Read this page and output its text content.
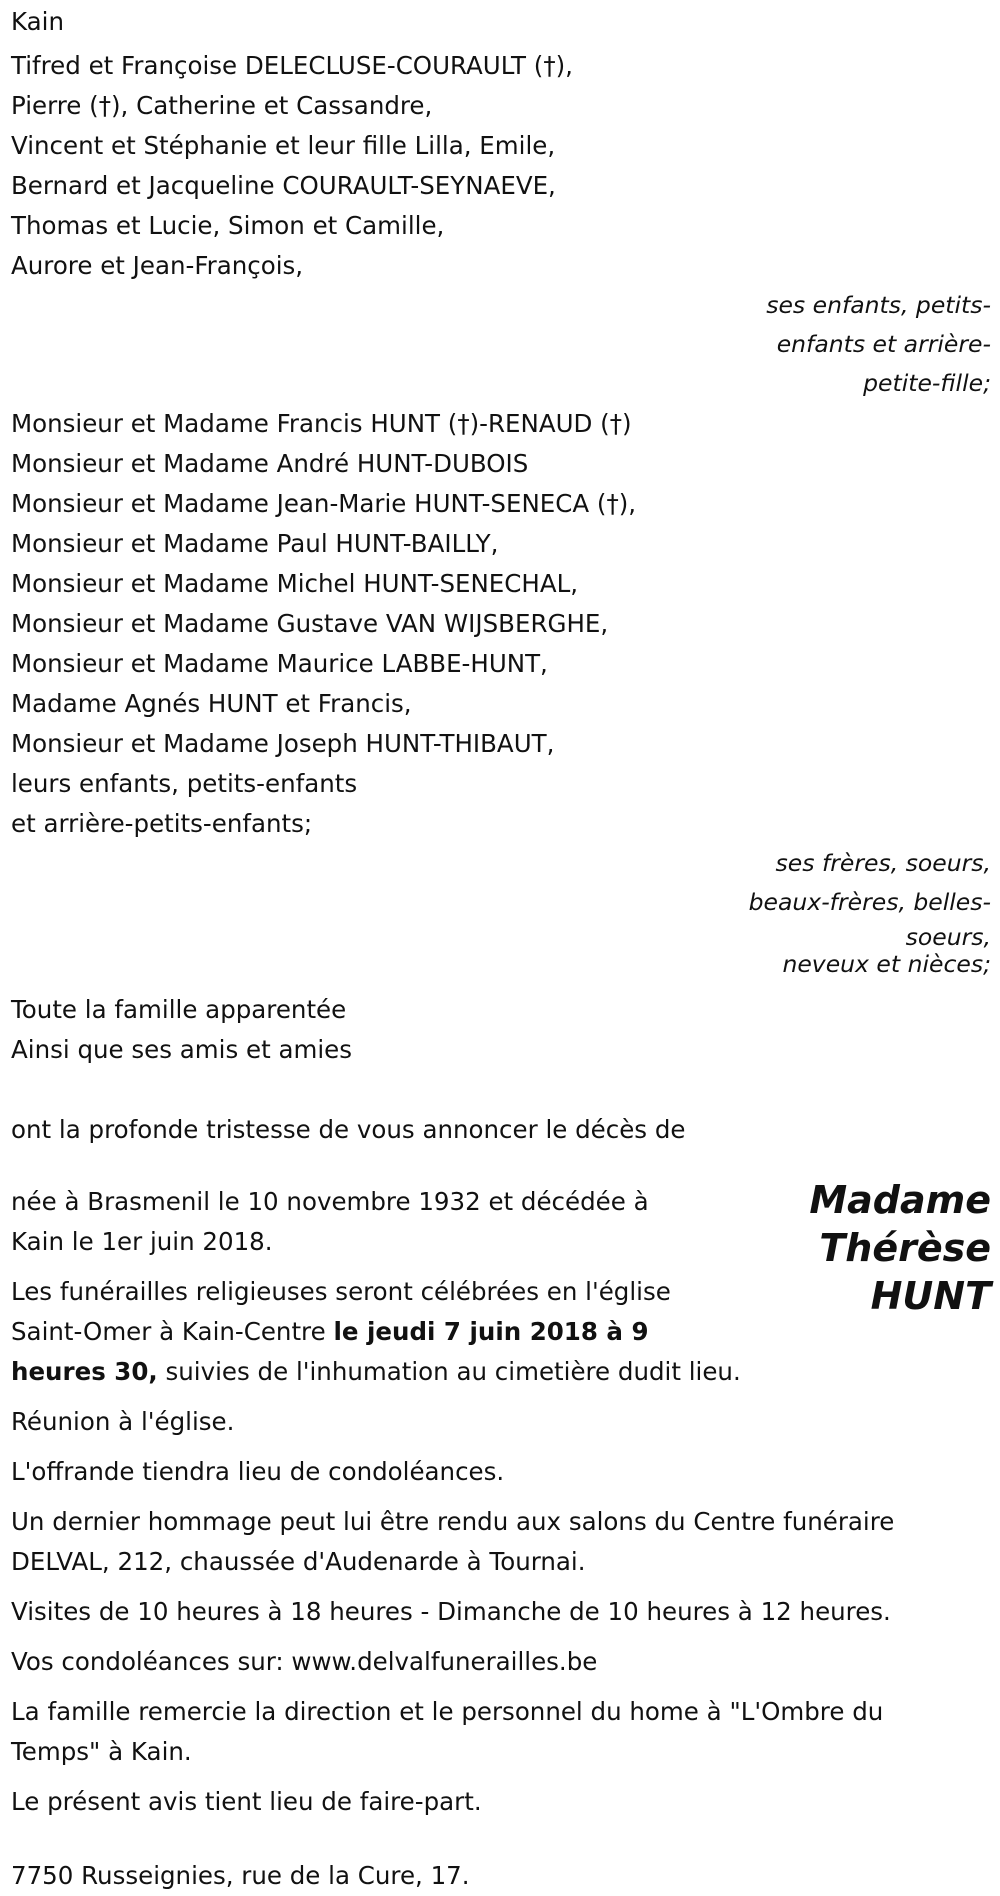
Kain

Tifred et Françoise DELECLUSE-COURAULT (†),

Pierre (†), Catherine et Cassandre,

Vincent et Stéphanie et leur fille Lilla, Emile,

Bernard et Jacqueline COURAULT-SEYNAEVE,

Thomas et Lucie, Simon et Camille,

Aurore et Jean-François,

ses enfants, petits-
enfants et arrière-
petite-fille;

Monsieur et Madame Francis HUNT (†)-RENAUD (†)

Monsieur et Madame André HUNT-DUBOIS

Monsieur et Madame Jean-Marie HUNT-SENECA (†),

Monsieur et Madame Paul HUNT-BAILLY,

Monsieur et Madame Michel HUNT-SENECHAL,

Monsieur et Madame Gustave VAN WIJSBERGHE,

Monsieur et Madame Maurice LABBE-HUNT,

Madame Agnés HUNT et Francis,

Monsieur et Madame Joseph HUNT-THIBAUT,

leurs enfants, petits-enfants

et arrière-petits-enfants;

ses frères, soeurs,
beaux-frères, belles-
soeurs,
neveux et nièces;

Toute la famille apparentée

Ainsi que ses amis et amies

ont la profonde tristesse de vous annoncer le décès de

Madame
Thérèse
HUNT
née à Brasmenil le 10 novembre 1932 et décédée à
Kain le 1er juin 2018.
Les funérailles religieuses seront célébrées en l'église
Saint-Omer à Kain-Centre le jeudi 7 juin 2018 à 9
heures 30, suivies de l'inhumation au cimetière dudit lieu.

Réunion à l'église.

L'offrande tiendra lieu de condoléances.

Un dernier hommage peut lui être rendu aux salons du Centre funéraire
DELVAL, 212, chaussée d'Audenarde à Tournai.

Visites de 10 heures à 18 heures - Dimanche de 10 heures à 12 heures.

Vos condoléances sur: www.delvalfunerailles.be

La famille remercie la direction et le personnel du home à "L'Ombre du
Temps" à Kain.

Le présent avis tient lieu de faire-part.

7750 Russeignies, rue de la Cure, 17.
